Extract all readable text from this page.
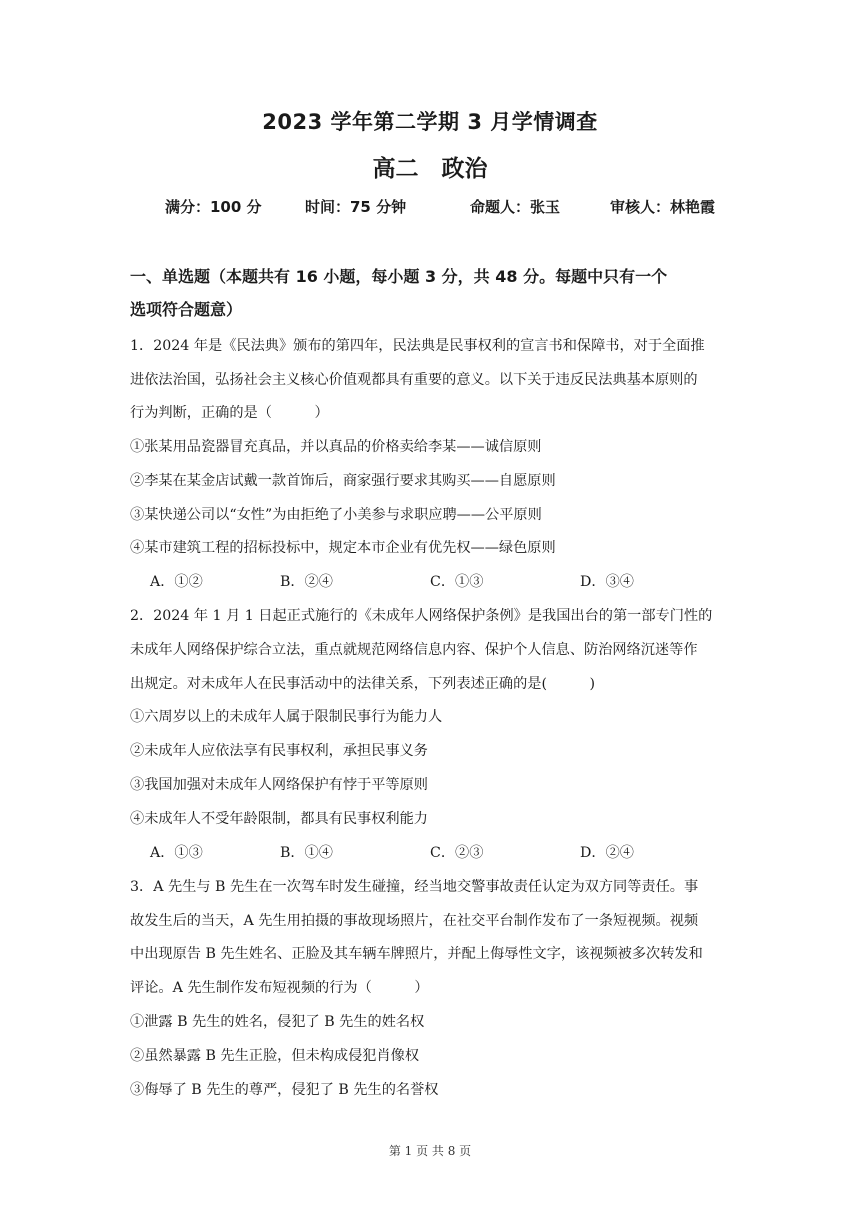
2023 学年第二学期 3 月学情调查
高二　政治
满分：100 分	时间：75 分钟	命题人：张玉	审核人：林艳霞
一、单选题（本题共有 16 小题，每小题 3 分，共 48 分。每题中只有一个
选项符合题意）
1．2024 年是《民法典》颁布的第四年，民法典是民事权利的宣言书和保障书，对于全面推
进依法治国，弘扬社会主义核心价值观都具有重要的意义。以下关于违反民法典基本原则的
行为判断，正确的是（　　　）
①张某用品瓷器冒充真品，并以真品的价格卖给李某——诚信原则
②李某在某金店试戴一款首饰后，商家强行要求其购买——自愿原则
③某快递公司以“女性”为由拒绝了小美参与求职应聘——公平原则
④某市建筑工程的招标投标中，规定本市企业有优先权——绿色原则
A．①②	B．②④	C．①③	D．③④
2．2024 年 1 月 1 日起正式施行的《未成年人网络保护条例》是我国出台的第一部专门性的
未成年人网络保护综合立法，重点就规范网络信息内容、保护个人信息、防治网络沉迷等作
出规定。对未成年人在民事活动中的法律关系，下列表述正确的是(　　　)
①六周岁以上的未成年人属于限制民事行为能力人
②未成年人应依法享有民事权利，承担民事义务
③我国加强对未成年人网络保护有悖于平等原则
④未成年人不受年龄限制，都具有民事权利能力
A．①③	B．①④	C．②③	D．②④
3．A 先生与 B 先生在一次驾车时发生碰撞，经当地交警事故责任认定为双方同等责任。事
故发生后的当天，A 先生用拍摄的事故现场照片，在社交平台制作发布了一条短视频。视频
中出现原告 B 先生姓名、正脸及其车辆车牌照片，并配上侮辱性文字，该视频被多次转发和
评论。A 先生制作发布短视频的行为（　　　）
①泄露 B 先生的姓名，侵犯了 B 先生的姓名权
②虽然暴露 B 先生正脸，但未构成侵犯肖像权
③侮辱了 B 先生的尊严，侵犯了 B 先生的名誉权
第 1 页 共 8 页
